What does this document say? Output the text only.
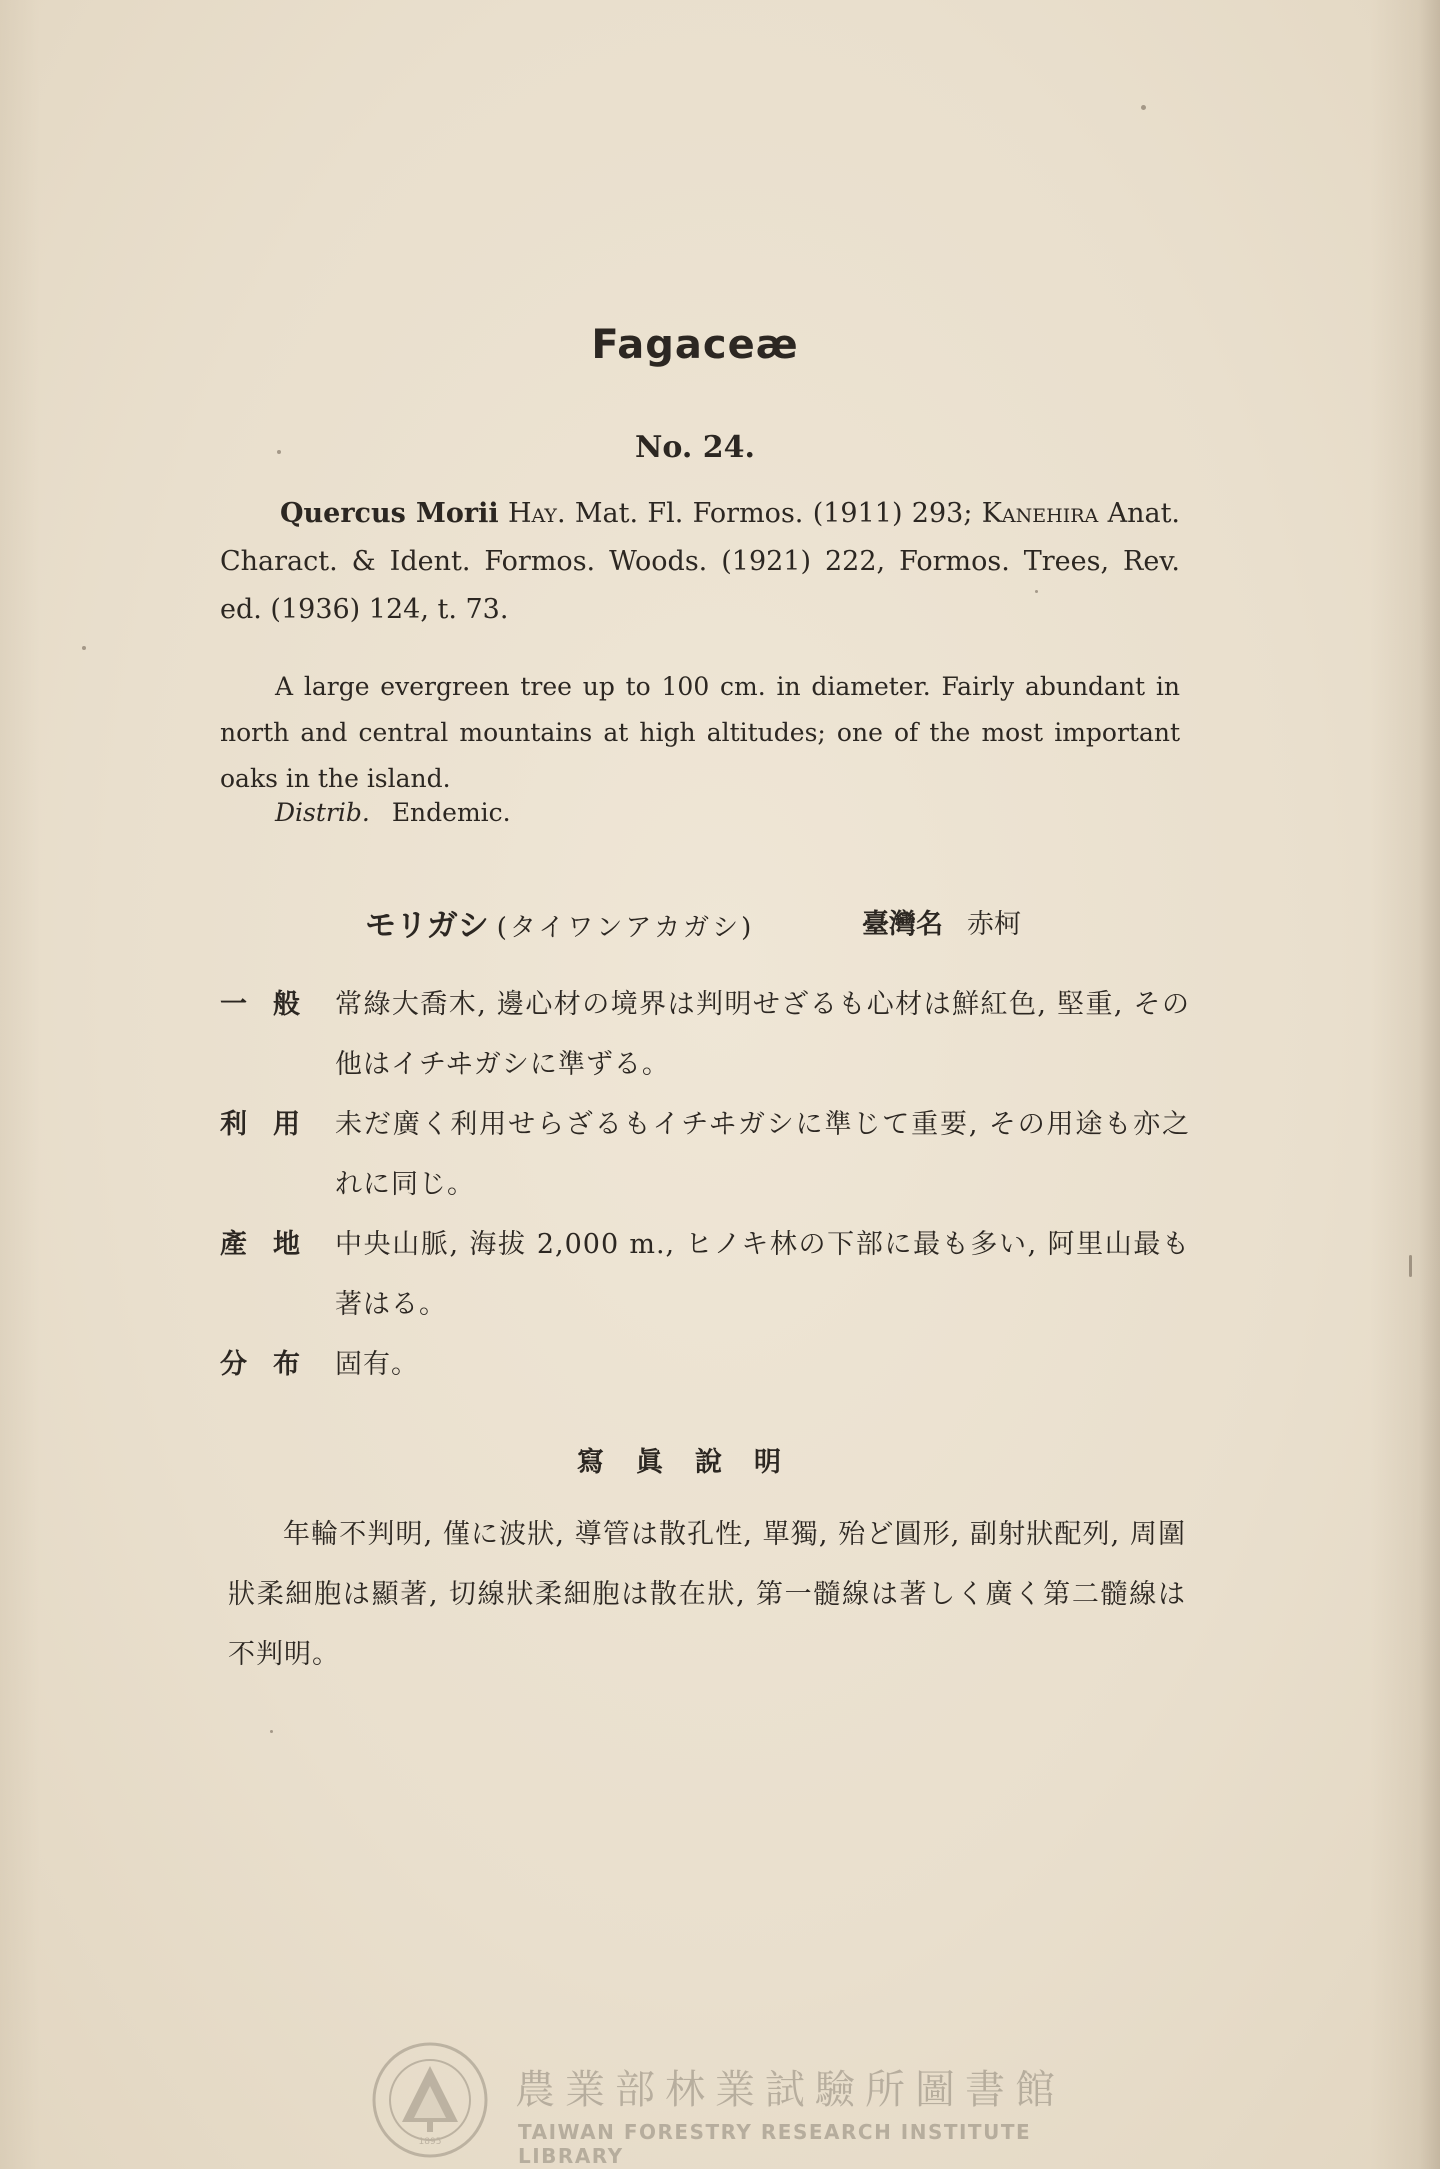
Fagaceæ
No. 24.
Quercus Morii Hay. Mat. Fl. Formos. (1911) 293; Kanehira Anat. Charact. & Ident. Formos. Woods. (1921) 222, Formos. Trees, Rev. ed. (1936) 124, t. 73.

A large evergreen tree up to 100 cm. in diameter. Fairly abundant in north and central mountains at high altitudes; one of the most important oaks in the island.

Distrib. Endemic.
モリガシ (タイワンアカガシ)	臺灣名 赤柯
一般 常綠大喬木, 邊心材の境界は判明せざるも心材は鮮紅色, 堅重, その他はイチヰガシに準ずる。
利用 未だ廣く利用せらざるもイチヰガシに準じて重要, その用途も亦之れに同じ。
產地 中央山脈, 海拔 2,000 m., ヒノキ林の下部に最も多い, 阿里山最も著はる。
分布 固有。
寫眞說明

年輪不判明, 僅に波狀, 導管は散孔性, 單獨, 殆ど圓形, 副射狀配列, 周圍狀柔細胞は顯著, 切線狀柔細胞は散在狀, 第一髓線は著しく廣く第二髓線は不判明。

1895
農業部林業試驗所圖書館
TAIWAN FORESTRY RESEARCH INSTITUTE LIBRARY
